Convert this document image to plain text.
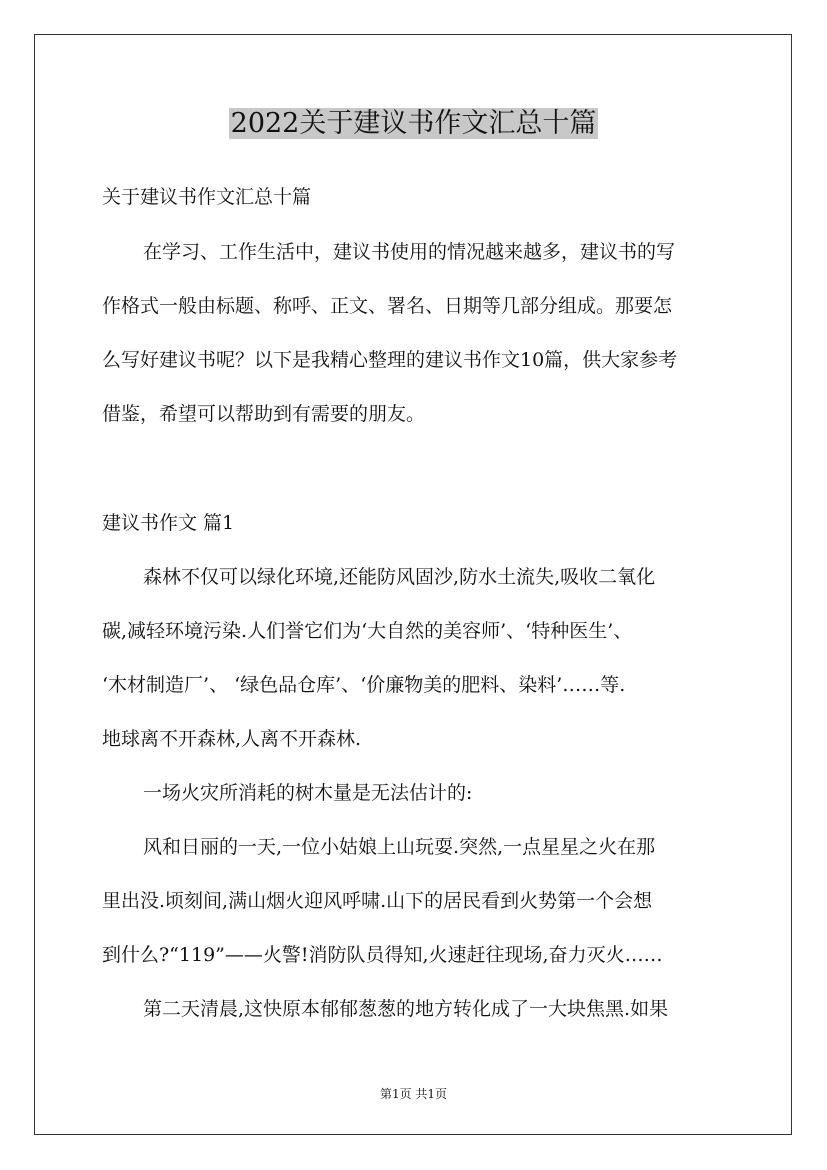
2022关于建议书作文汇总十篇
关于建议书作文汇总十篇
在学习、工作生活中，建议书使用的情况越来越多，建议书的写
作格式一般由标题、称呼、正文、署名、日期等几部分组成。那要怎
么写好建议书呢？以下是我精心整理的建议书作文10篇，供大家参考
借鉴，希望可以帮助到有需要的朋友。
建议书作文 篇1
森林不仅可以绿化环境,还能防风固沙,防水土流失,吸收二氧化
碳,减轻环境污染.人们誉它们为‘大自然的美容师’、‘特种医生’、
‘木材制造厂’、 ‘绿色品仓库’、‘价廉物美的肥料、染料’……等.
地球离不开森林,人离不开森林.
一场火灾所消耗的树木量是无法估计的:
风和日丽的一天,一位小姑娘上山玩耍.突然,一点星星之火在那
里出没.顷刻间,满山烟火迎风呼啸.山下的居民看到火势第一个会想
到什么?“119”——火警!消防队员得知,火速赶往现场,奋力灭火……
第二天清晨,这快原本郁郁葱葱的地方转化成了一大块焦黑.如果
第1页 共1页
